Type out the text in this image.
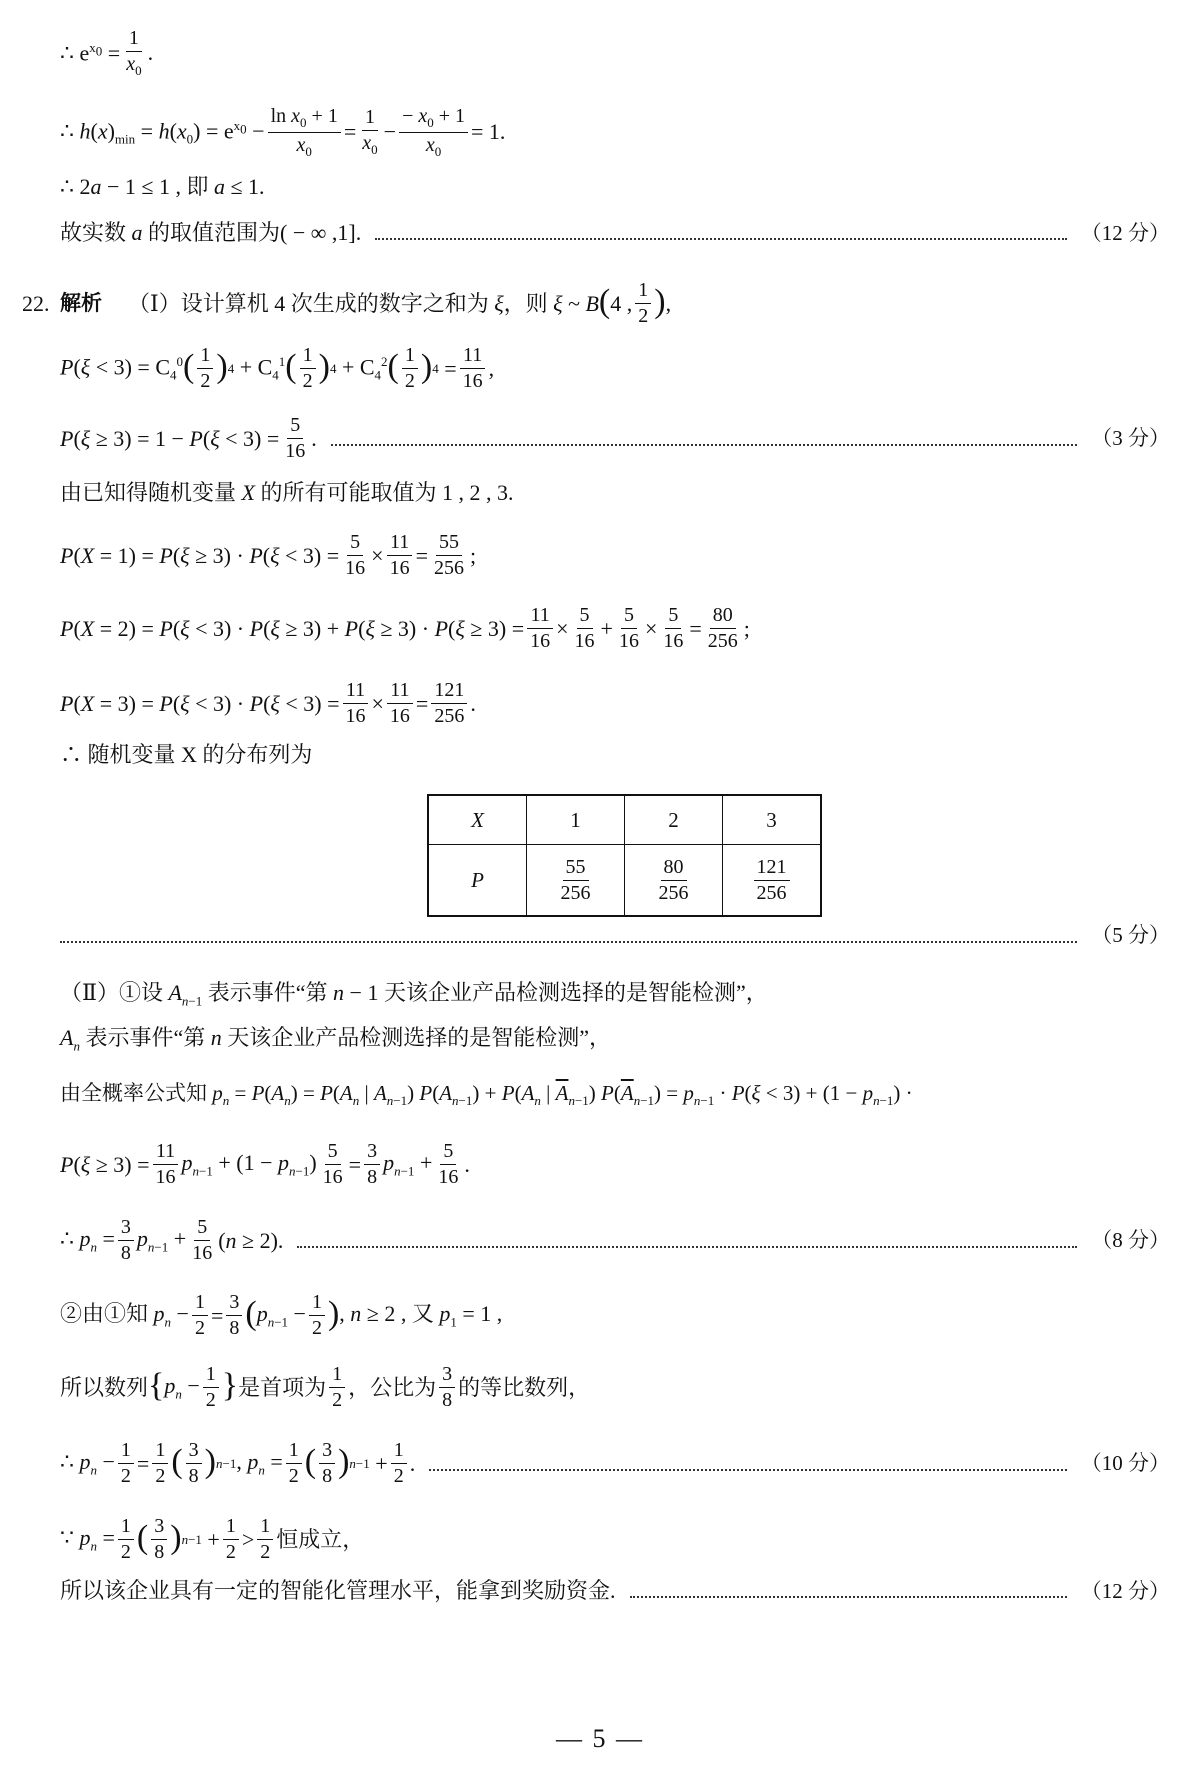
∴ $e^{x_0} = \frac{1}{x_0}$ .
∴ $h(x)_{min} = h(x_0) = e^{x_0} - \frac{\ln x_0 + 1}{x_0} = \frac{1}{x_0} - \frac{- x_0 + 1}{x_0} = 1$.
∴ 2a − 1 ≤ 1 , 即 a ≤ 1.
故实数 a 的取值范围为( − ∞ ,1].	（12 分）
22. 解析 （Ⅰ）设计算机 4 次生成的数字之和为 ξ，则 ξ ~ B ( 4 , $\frac{1}{2}$ ) ,
$P(\xi < 3) = C_4^0$ ( $\frac{1}{2}$ ) $4 + C_4^1$ ( $\frac{1}{2}$ ) $4 + C_4^2$ ( $\frac{1}{2}$ ) $4 = \frac{11}{16}$ ,
$P(\xi \ge 3) = 1 - P(\xi < 3) = \frac{5}{16}$ .	（3 分）
由已知得随机变量 X 的所有可能取值为 1 , 2 , 3.
$P(X = 1) = P(\xi \ge 3) \cdot P(\xi < 3) = \frac{5}{16} \times \frac{11}{16} = \frac{55}{256}$ ;
$P(X = 2) = P(\xi < 3) \cdot P(\xi \ge 3) + P(\xi \ge 3) \cdot P(\xi \ge 3) = \frac{11}{16} \times \frac{5}{16} + \frac{5}{16} \times \frac{5}{16} = \frac{80}{256}$ ;
$P(X = 3) = P(\xi < 3) \cdot P(\xi < 3) = \frac{11}{16} \times \frac{11}{16} = \frac{121}{256}$ .
∴ 随机变量 X 的分布列为
X	1	2	3
P	$\frac{55}{256}$	$\frac{80}{256}$	$\frac{121}{256}$
（5 分）
（Ⅱ）①设 $A_{n-1}$ 表示事件“第 n − 1 天该企业产品检测选择的是智能检测”，
$A_n$ 表示事件“第 n 天该企业产品检测选择的是智能检测”，
由全概率公式知 $p_n = P(A_n) = P(A_n$ | $A_{n-1}$) $P(A_{n-1}) + P(A_n$ | $\overline{A}_{n-1}$) $P(\overline{A}_{n-1}) = p_{n-1} \cdot P(\xi < 3) + (1 - p_{n-1})$ ·
$P(\xi \ge 3) = \frac{11}{16} p_{n-1} + (1 - p_{n-1}) \frac{5}{16} = \frac{3}{8} p_{n-1} + \frac{5}{16}$ .
∴ $p_n = \frac{3}{8} p_{n-1} + \frac{5}{16} (n \ge 2)$.	（8 分）
②由①知 $p_n - \frac{1}{2} = \frac{3}{8}$ ( $p_{n-1} - \frac{1}{2}$ ) , n ≥ 2 , 又 $p_1 = 1$ ,
所以数列 { $p_n - \frac{1}{2}$ } 是首项为 $\frac{1}{2}$ ，公比为 $\frac{3}{8}$ 的等比数列，
∴ $p_n - \frac{1}{2} = \frac{1}{2}$ ( $\frac{3}{8}$ ) n−1 , $p_n = \frac{1}{2}$ ( $\frac{3}{8}$ ) $n-1 + \frac{1}{2}$ .	（10 分）
∵ $p_n = \frac{1}{2}$ ( $\frac{3}{8}$ ) $n-1 + \frac{1}{2} > \frac{1}{2}$ 恒成立，
所以该企业具有一定的智能化管理水平，能拿到奖励资金.	（12 分）
— 5 —
